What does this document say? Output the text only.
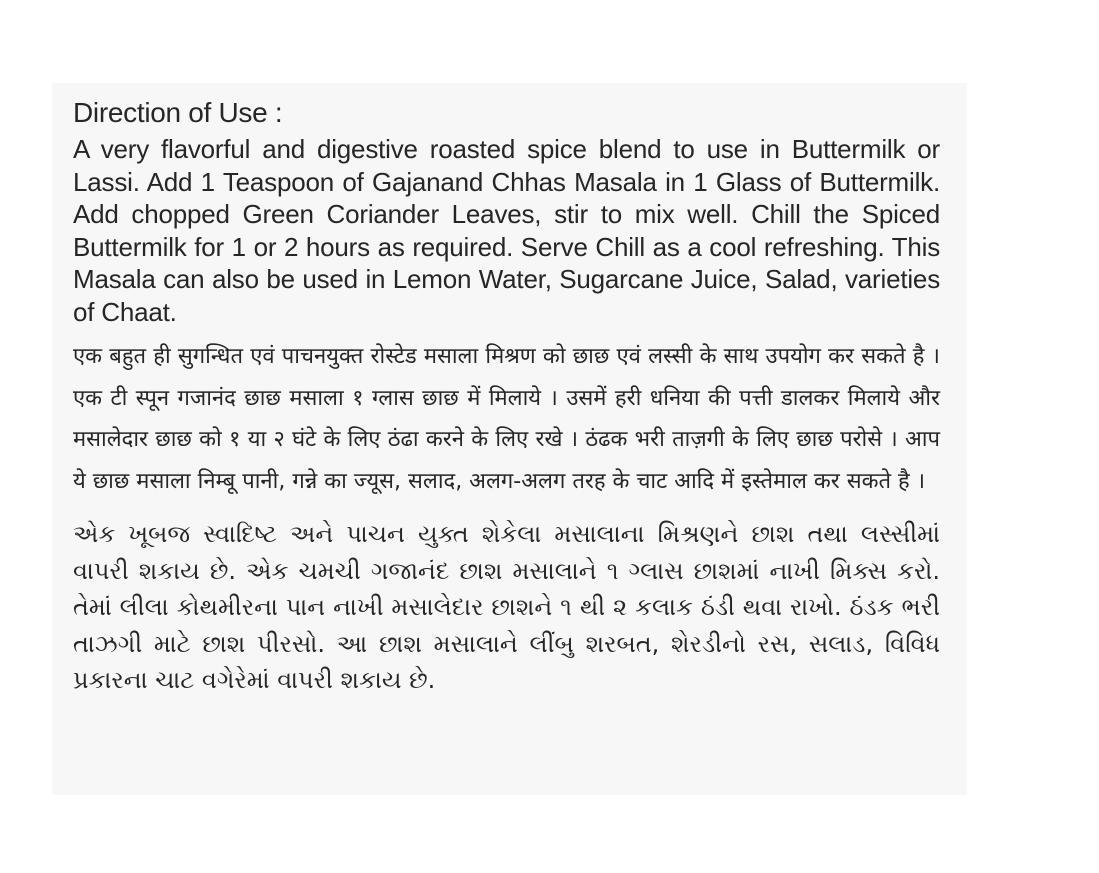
Direction of Use :
A very flavorful and digestive roasted spice blend to use in Buttermilk or Lassi. Add 1 Teaspoon of Gajanand Chhas Masala in 1 Glass of Buttermilk. Add chopped Green Coriander Leaves, stir to mix well. Chill the Spiced Buttermilk for 1 or 2 hours as required. Serve Chill as a cool refreshing. This Masala can also be used in Lemon Water, Sugarcane Juice, Salad, varieties of Chaat.
एक बहुत ही सुगन्धित एवं पाचनयुक्त रोस्टेड मसाला मिश्रण को छाछ एवं लस्सी के साथ उपयोग कर सकते है । एक टी स्पून गजानंद छाछ मसाला १ ग्लास छाछ में मिलाये । उसमें हरी धनिया की पत्ती डालकर मिलाये और मसालेदार छाछ को १ या २ घंटे के लिए ठंढा करने के लिए रखे । ठंढक भरी ताज़गी के लिए छाछ परोसे । आप ये छाछ मसाला निम्बू पानी, गन्ने का ज्यूस, सलाद, अलग-अलग तरह के चाट आदि में इस्तेमाल कर सकते है ।
એક ખૂબજ સ્વાદિષ્ટ અને પાચન યુક્ત શેકેલા મસાલાના મિશ્રણને છાશ તથા લસ્સીમાં વાપરી શકાય છે. એક ચમચી ગજાનંદ છાશ મસાલાને ૧ ગ્લાસ છાશમાં નાખી મિક્સ કરો. તેમાં લીલા કોથમીરના પાન નાખી મસાલેદાર છાશને ૧ થી ૨ કલાક ઠંડી થવા રાખો. ઠંડક ભરી તાઝગી માટે છાશ પીરસો. આ છાશ મસાલાને લીંબુ શરબત, શેરડીનો રસ, સલાડ, વિવિધ પ્રકારના ચાટ વગેરેમાં વાપરી શકાય છે.
